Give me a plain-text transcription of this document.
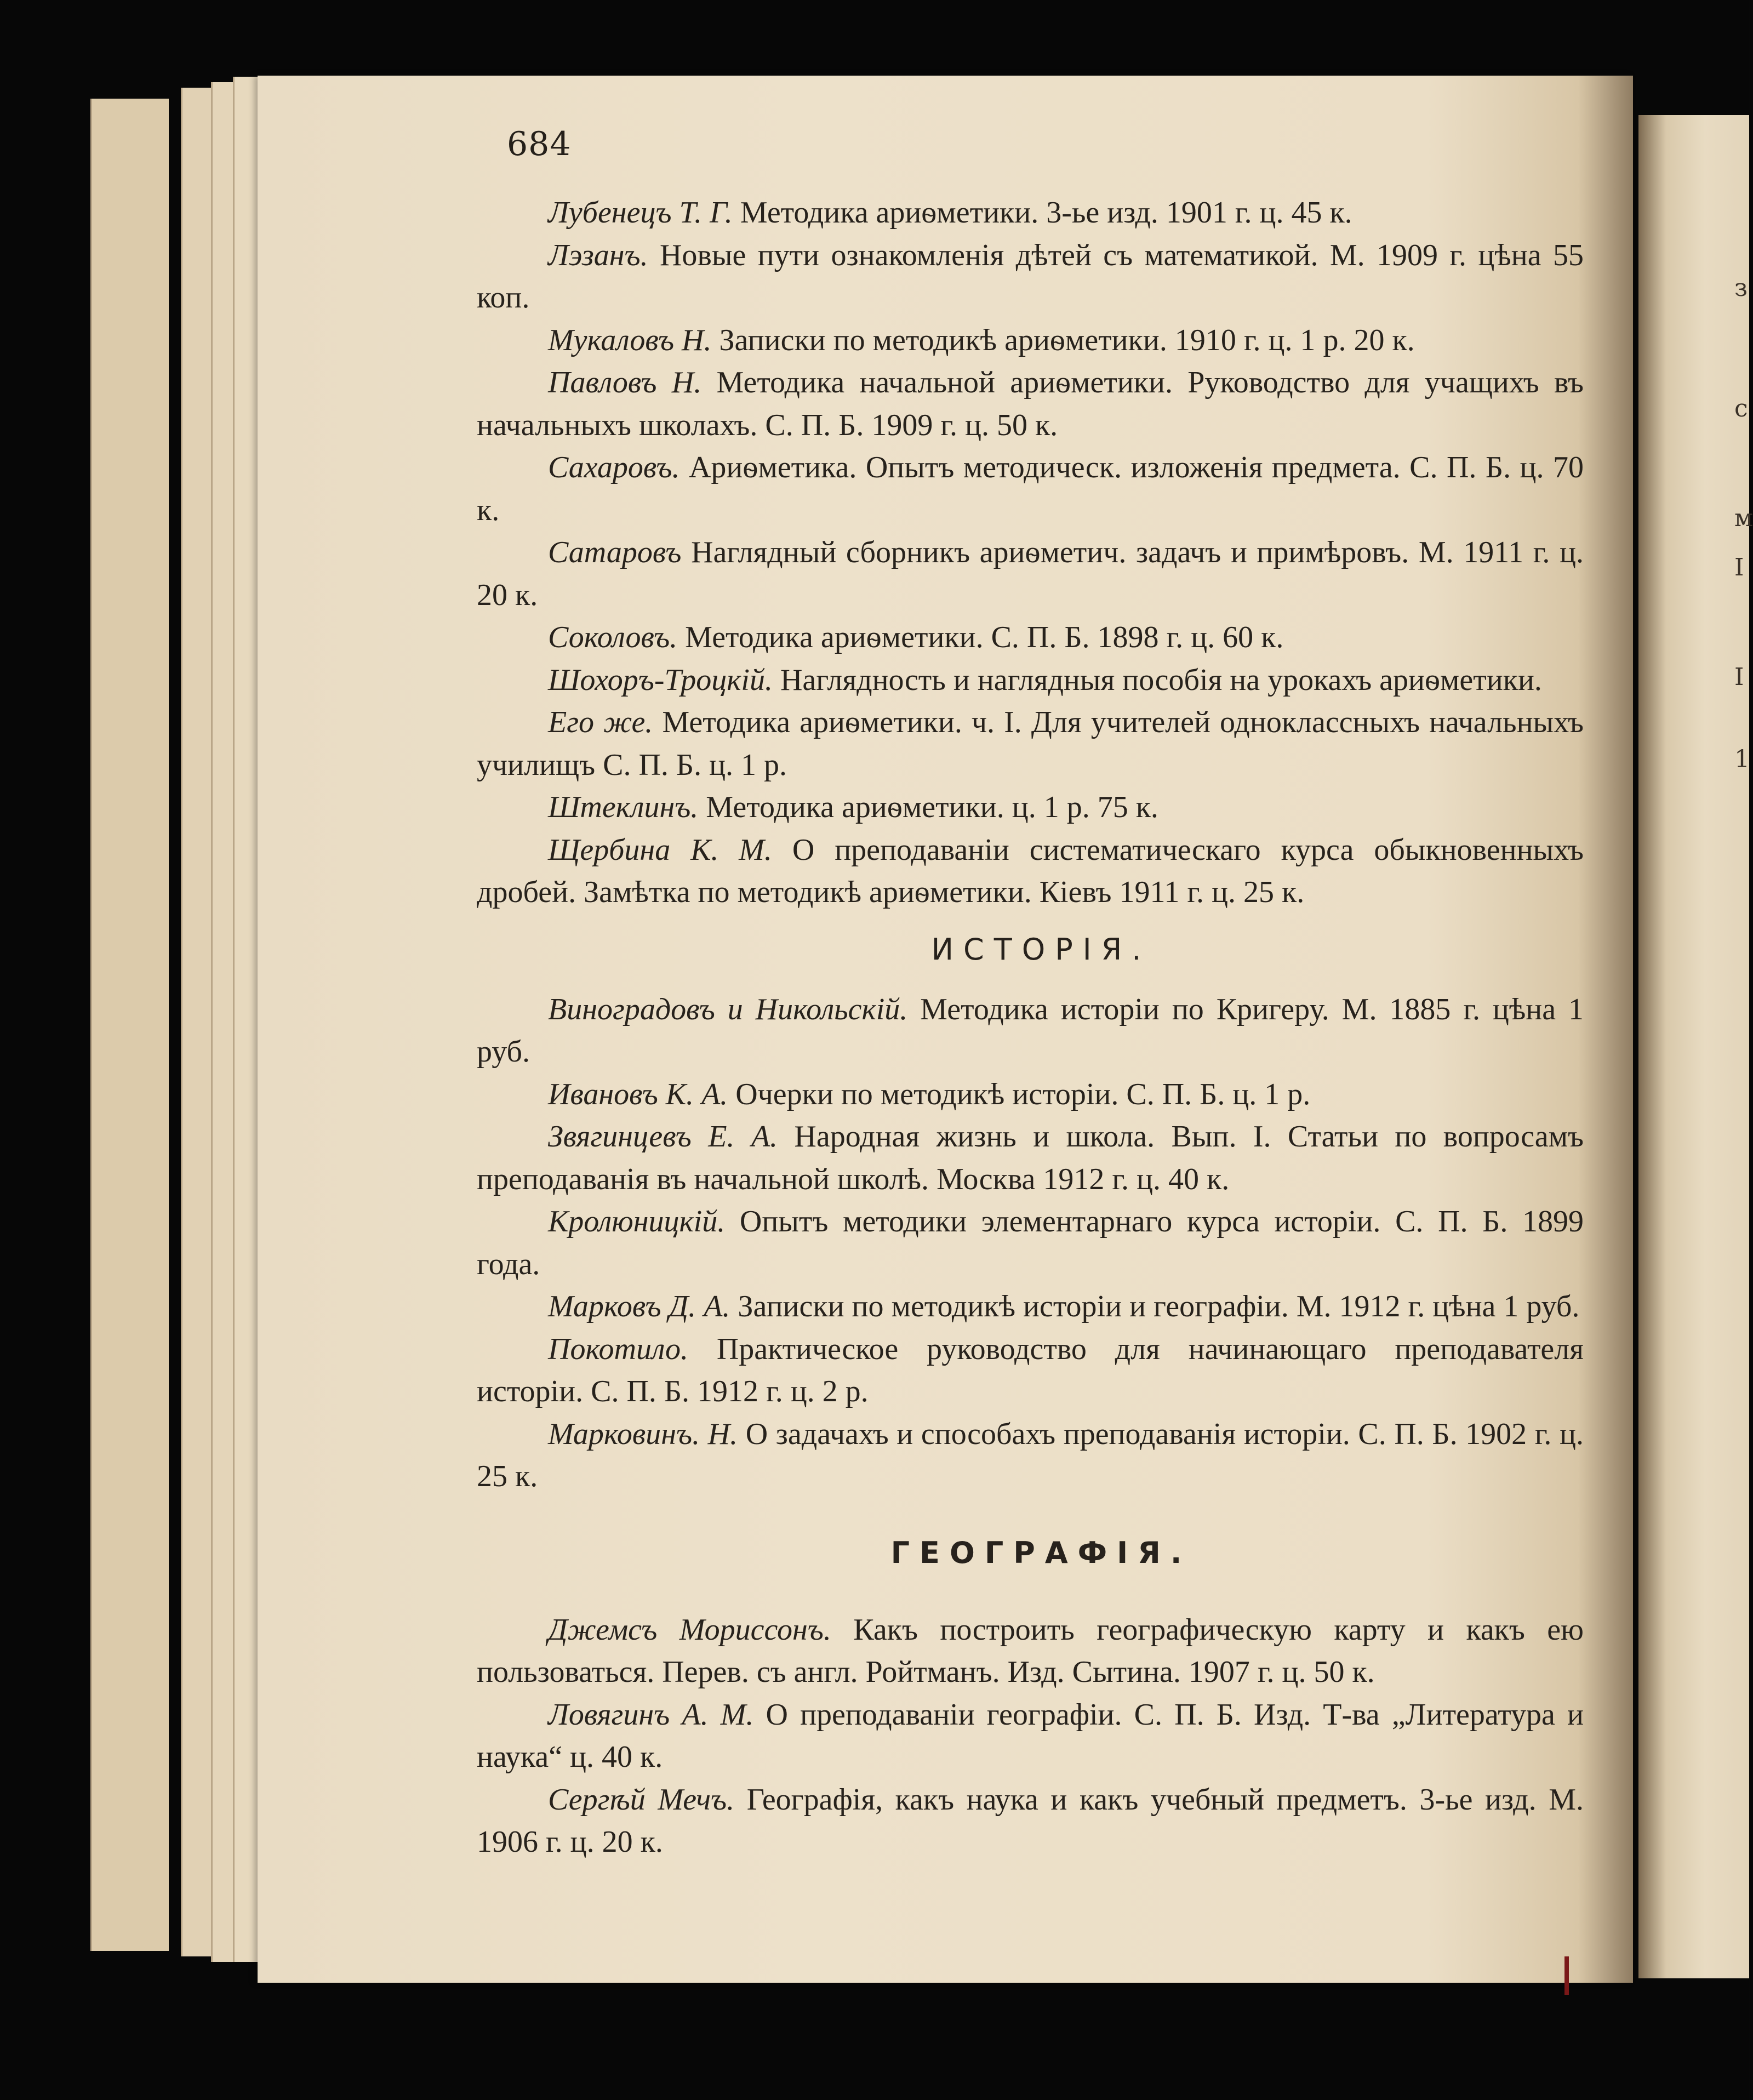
з
c
м
I
I
1
684

Лубенецъ Т. Г. Методика ариѳметики. 3-ье изд. 1901 г. ц. 45 к.

Лэзанъ. Новые пути ознакомленія дѣтей съ математикой. М. 1909 г. цѣна 55 коп.

Мукаловъ Н. Записки по методикѣ ариѳметики. 1910 г. ц. 1 р. 20 к.

Павловъ Н. Методика начальной ариѳметики. Руководство для учащихъ въ начальныхъ школахъ. С. П. Б. 1909 г. ц. 50 к.

Сахаровъ. Ариѳметика. Опытъ методическ. изложенія предмета. С. П. Б. ц. 70 к.

Сатаровъ Наглядный сборникъ ариѳметич. задачъ и примѣровъ. М. 1911 г. ц. 20 к.

Соколовъ. Методика ариѳметики. С. П. Б. 1898 г. ц. 60 к.

Шохоръ-Троцкій. Наглядность и наглядныя пособія на урокахъ ариѳметики.

Его же. Методика ариѳметики. ч. I. Для учителей одноклассныхъ начальныхъ училищъ С. П. Б. ц. 1 р.

Штеклинъ. Методика ариѳметики. ц. 1 р. 75 к.

Щербина К. М. О преподаваніи систематическаго курса обыкновенныхъ дробей. Замѣтка по методикѣ ариѳметики. Кіевъ 1911 г. ц. 25 к.

ИСТОРІЯ.

Виноградовъ и Никольскій. Методика исторіи по Кригеру. М. 1885 г. цѣна 1 руб.

Ивановъ К. А. Очерки по методикѣ исторіи. С. П. Б. ц. 1 р.

Звягинцевъ Е. А. Народная жизнь и школа. Вып. I. Статьи по вопросамъ преподаванія въ начальной школѣ. Москва 1912 г. ц. 40 к.

Кролюницкій. Опытъ методики элементарнаго курса исторіи. С. П. Б. 1899 года.

Марковъ Д. А. Записки по методикѣ исторіи и географіи. М. 1912 г. цѣна 1 руб.

Покотило. Практическое руководство для начинающаго преподавателя исторіи. С. П. Б. 1912 г. ц. 2 р.

Марковинъ. Н. О задачахъ и способахъ преподаванія исторіи. С. П. Б. 1902 г. ц. 25 к.

ГЕОГРАФІЯ.

Джемсъ Мориссонъ. Какъ построить географическую карту и какъ ею пользоваться. Перев. съ англ. Ройтманъ. Изд. Сытина. 1907 г. ц. 50 к.

Ловягинъ А. М. О преподаваніи географіи. С. П. Б. Изд. Т-ва „Литература и наука“ ц. 40 к.

Сергѣй Мечъ. Географія, какъ наука и какъ учебный предметъ. 3-ье изд. М. 1906 г. ц. 20 к.
